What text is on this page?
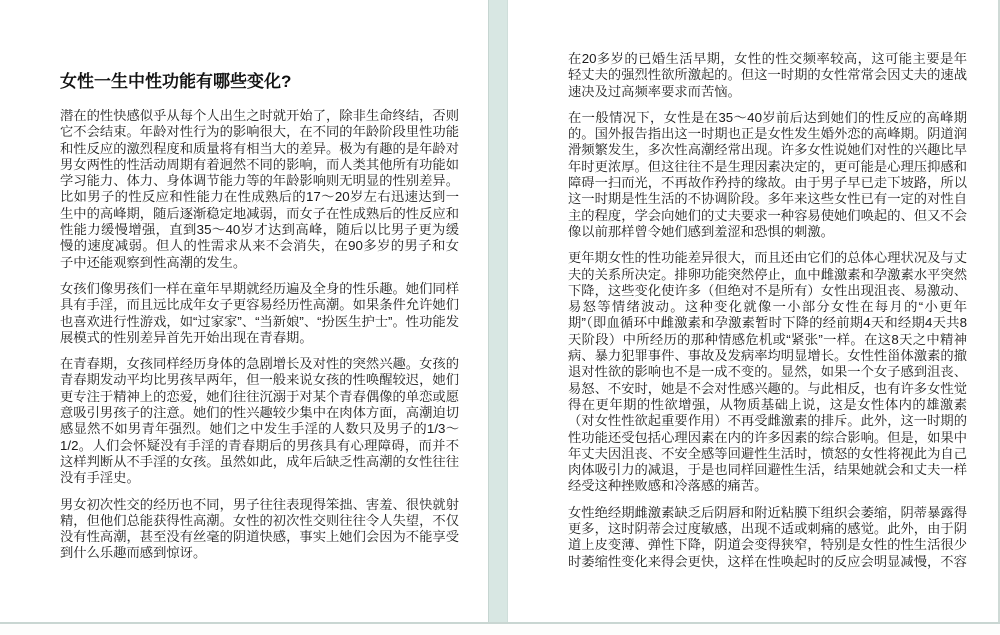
女性一生中性功能有哪些变化?

潜在的性快感似乎从每个人出生之时就开始了，除非生命终结，否则它不会结束。年龄对性行为的影响很大，在不同的年龄阶段里性功能和性反应的激烈程度和质量将有相当大的差异。极为有趣的是年龄对男女两性的性活动周期有着迥然不同的影响，而人类其他所有功能如学习能力、体力、身体调节能力等的年龄影响则无明显的性别差异。比如男子的性反应和性能力在性成熟后的17～20岁左右迅速达到一生中的高峰期，随后逐渐稳定地减弱，而女子在性成熟后的性反应和性能力缓慢增强，直到35～40岁才达到高峰，随后以比男子更为缓慢的速度减弱。但人的性需求从来不会消失，在90多岁的男子和女子中还能观察到性高潮的发生。

女孩们像男孩们一样在童年早期就经历遍及全身的性乐趣。她们同样具有手淫，而且远比成年女子更容易经历性高潮。如果条件允许她们也喜欢进行性游戏，如“过家家”、“当新娘”、“扮医生护士”。性功能发展模式的性别差异首先开始出现在青春期。

在青春期，女孩同样经历身体的急剧增长及对性的突然兴趣。女孩的青春期发动平均比男孩早两年，但一般来说女孩的性唤醒较迟，她们更专注于精神上的恋爱，她们往往沉溺于对某个青春偶像的单恋或愿意吸引男孩子的注意。她们的性兴趣较少集中在肉体方面，高潮迫切感显然不如男青年强烈。她们之中发生手淫的人数只及男子的1/3～1/2。人们会怀疑没有手淫的青春期后的男孩具有心理障碍，而并不这样判断从不手淫的女孩。虽然如此，成年后缺乏性高潮的女性往往没有手淫史。

男女初次性交的经历也不同，男子往往表现得笨拙、害羞、很快就射精，但他们总能获得性高潮。女性的初次性交则往往令人失望，不仅没有性高潮，甚至没有丝毫的阴道快感，事实上她们会因为不能享受到什么乐趣而感到惊讶。

在20多岁的已婚生活早期，女性的性交频率较高，这可能主要是年轻丈夫的强烈性欲所激起的。但这一时期的女性常常会因丈夫的速战速决及过高频率要求而苦恼。

在一般情况下，女性是在35～40岁前后达到她们的性反应的高峰期的。国外报告指出这一时期也正是女性发生婚外恋的高峰期。阴道润滑频繁发生，多次性高潮经常出现。许多女性说她们对性的兴趣比早年时更浓厚。但这往往不是生理因素决定的，更可能是心理压抑感和障碍一扫而光，不再故作矜持的缘故。由于男子早已走下坡路，所以这一时期是性生活的不协调阶段。多年来这些女性已有一定的对性自主的程度，学会向她们的丈夫要求一种容易使她们唤起的、但又不会像以前那样曾令她们感到羞涩和恐惧的刺激。

更年期女性的性功能差异很大，而且还由它们的总体心理状况及与丈夫的关系所决定。排卵功能突然停止，血中雌激素和孕激素水平突然下降，这些变化使许多（但绝对不是所有）女性出现沮丧、易激动、易怒等情绪波动。这种变化就像一小部分女性在每月的“小更年期”（即血循环中雌激素和孕激素暂时下降的经前期4天和经期4天共8天阶段）中所经历的那种情感危机或“紧张”一样。在这8天之中精神病、暴力犯罪事件、事故及发病率均明显增长。女性性甾体激素的撤退对性欲的影响也不是一成不变的。显然，如果一个女子感到沮丧、易怒、不安时，她是不会对性感兴趣的。与此相反，也有许多女性觉得在更年期的性欲增强，从物质基础上说，这是女性体内的雄激素（对女性性欲起重要作用）不再受雌激素的排斥。此外，这一时期的性功能还受包括心理因素在内的许多因素的综合影响。但是，如果中年丈夫因沮丧、不安全感等回避性生活时，愤怒的女性将视此为自己肉体吸引力的减退，于是也同样回避性生活，结果她就会和丈夫一样经受这种挫败感和冷落感的痛苦。

女性绝经期雌激素缺乏后阴唇和附近粘膜下组织会萎缩，阴蒂暴露得更多，这时阴蒂会过度敏感，出现不适或刺痛的感觉。此外，由于阴道上皮变薄、弹性下降，阴道会变得狭窄，特别是女性的性生活很少时萎缩性变化来得会更快，这样在性唤起时的反应会明显减慢，不容
